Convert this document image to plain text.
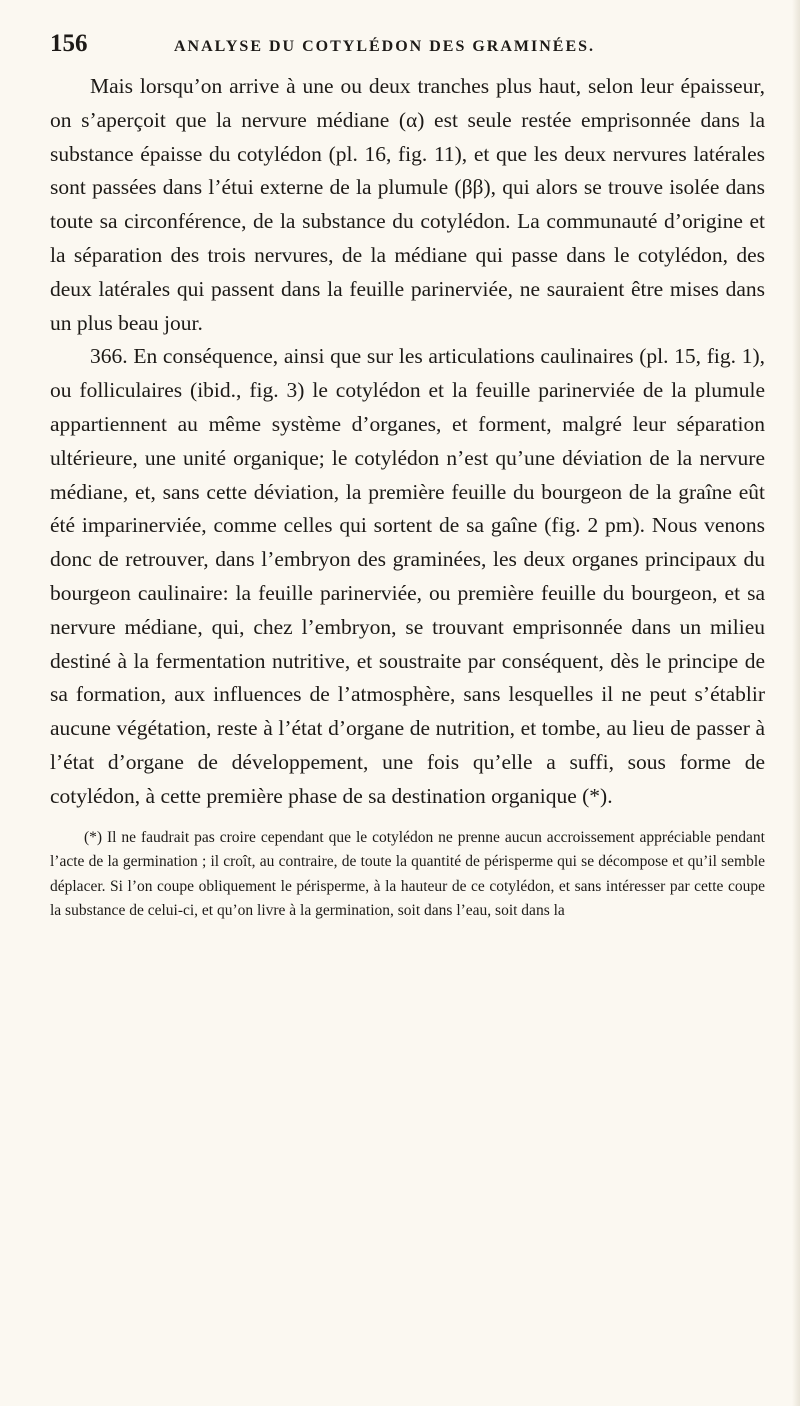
156	ANALYSE DU COTYLÉDON DES GRAMINÉES.

Mais lorsqu’on arrive à une ou deux tranches plus haut, selon leur épaisseur, on s’aperçoit que la nervure médiane (α) est seule restée emprisonnée dans la substance épaisse du cotylédon (pl. 16, fig. 11), et que les deux nervures latérales sont passées dans l’étui externe de la plumule (ββ), qui alors se trouve isolée dans toute sa circonférence, de la substance du cotylédon. La communauté d’origine et la séparation des trois nervures, de la médiane qui passe dans le cotylédon, des deux latérales qui passent dans la feuille parinerviée, ne sauraient être mises dans un plus beau jour.

366. En conséquence, ainsi que sur les articulations caulinaires (pl. 15, fig. 1), ou folliculaires (ibid., fig. 3) le cotylédon et la feuille parinerviée de la plumule appartiennent au même système d’organes, et forment, malgré leur séparation ultérieure, une unité organique; le cotylédon n’est qu’une déviation de la nervure médiane, et, sans cette déviation, la première feuille du bourgeon de la graîne eût été imparinerviée, comme celles qui sortent de sa gaîne (fig. 2 pm). Nous venons donc de retrouver, dans l’embryon des graminées, les deux organes principaux du bourgeon caulinaire: la feuille parinerviée, ou première feuille du bourgeon, et sa nervure médiane, qui, chez l’embryon, se trouvant emprisonnée dans un milieu destiné à la fermentation nutritive, et soustraite par conséquent, dès le principe de sa formation, aux influences de l’atmosphère, sans lesquelles il ne peut s’établir aucune végétation, reste à l’état d’organe de nutrition, et tombe, au lieu de passer à l’état d’organe de développement, une fois qu’elle a suffi, sous forme de cotylédon, à cette première phase de sa destination organique (*).

(*) Il ne faudrait pas croire cependant que le cotylédon ne prenne aucun accroissement appréciable pendant l’acte de la germination ; il croît, au contraire, de toute la quantité de périsperme qui se décompose et qu’il semble déplacer. Si l’on coupe obliquement le périsperme, à la hauteur de ce cotylédon, et sans intéresser par cette coupe la substance de celui-ci, et qu’on livre à la germination, soit dans l’eau, soit dans la
